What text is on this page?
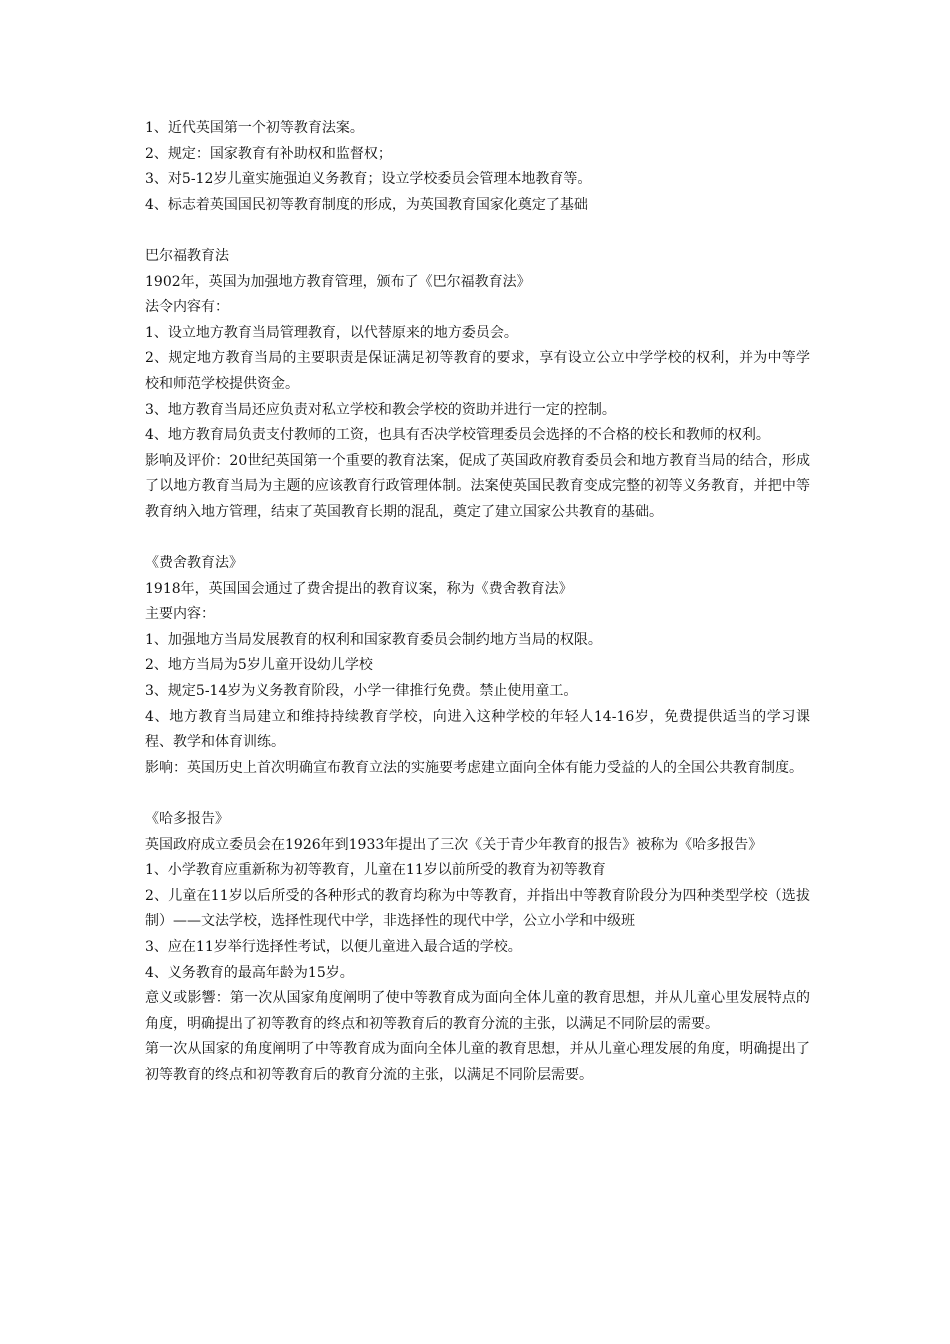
1、近代英国第一个初等教育法案。

2、规定：国家教育有补助权和监督权；

3、对5-12岁儿童实施强迫义务教育；设立学校委员会管理本地教育等。

4、标志着英国国民初等教育制度的形成，为英国教育国家化奠定了基础

巴尔福教育法

1902年，英国为加强地方教育管理，颁布了《巴尔福教育法》

法令内容有：

1、设立地方教育当局管理教育，以代替原来的地方委员会。

2、规定地方教育当局的主要职责是保证满足初等教育的要求，享有设立公立中学学校的权利，并为中等学校和师范学校提供资金。

3、地方教育当局还应负责对私立学校和教会学校的资助并进行一定的控制。

4、地方教育局负责支付教师的工资，也具有否决学校管理委员会选择的不合格的校长和教师的权利。

影响及评价：20世纪英国第一个重要的教育法案，促成了英国政府教育委员会和地方教育当局的结合，形成了以地方教育当局为主题的应该教育行政管理体制。法案使英国民教育变成完整的初等义务教育，并把中等教育纳入地方管理，结束了英国教育长期的混乱，奠定了建立国家公共教育的基础。

《费舍教育法》

1918年，英国国会通过了费舍提出的教育议案，称为《费舍教育法》

主要内容：

1、加强地方当局发展教育的权利和国家教育委员会制约地方当局的权限。

2、地方当局为5岁儿童开设幼儿学校

3、规定5-14岁为义务教育阶段，小学一律推行免费。禁止使用童工。

4、地方教育当局建立和维持持续教育学校，向进入这种学校的年轻人14-16岁，免费提供适当的学习课程、教学和体育训练。

影响：英国历史上首次明确宣布教育立法的实施要考虑建立面向全体有能力受益的人的全国公共教育制度。

《哈多报告》

英国政府成立委员会在1926年到1933年提出了三次《关于青少年教育的报告》被称为《哈多报告》

1、小学教育应重新称为初等教育，儿童在11岁以前所受的教育为初等教育

2、儿童在11岁以后所受的各种形式的教育均称为中等教育，并指出中等教育阶段分为四种类型学校（选拔制）——文法学校，选择性现代中学，非选择性的现代中学，公立小学和中级班

3、应在11岁举行选择性考试，以便儿童进入最合适的学校。

4、义务教育的最高年龄为15岁。

意义或影響：第一次从国家角度阐明了使中等教育成为面向全体儿童的教育思想，并从儿童心里发展特点的角度，明确提出了初等教育的终点和初等教育后的教育分流的主张，以满足不同阶层的需要。

第一次从国家的角度阐明了中等教育成为面向全体儿童的教育思想，并从儿童心理发展的角度，明确提出了初等教育的终点和初等教育后的教育分流的主张，以满足不同阶层需要。
